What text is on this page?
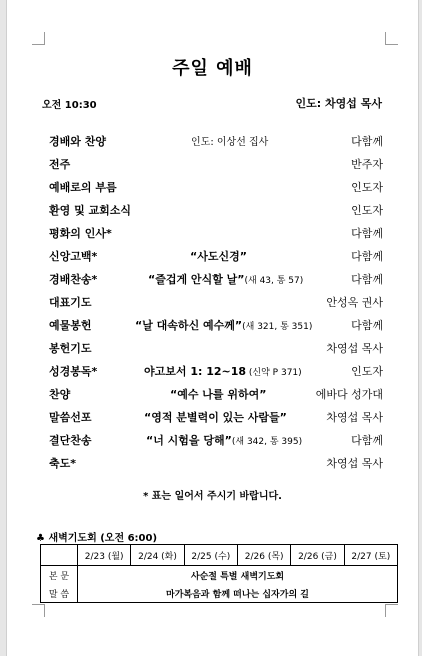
주일 예배
오전 10:30	인도: 차영섭 목사
경배와 찬양	인도: 이상선 집사	다함께
전주	반주자
예배로의 부름	인도자
환영 및 교회소식	인도자
평화의 인사*	다함께
신앙고백*	“사도신경”	다함께
경배찬송*	“즐겁게 안식할 날”(새 43, 통 57)	다함께
대표기도	안성옥 권사
예물봉헌	“날 대속하신 예수께”(새 321, 통 351)	다함께
봉헌기도	차영섭 목사
성경봉독*	야고보서 1: 12~18 (신약 P 371)	인도자
찬양	“예수 나를 위하여”	에바다 성가대
말씀선포	“영적 분별력이 있는 사람들”	차영섭 목사
결단찬송	“너 시험을 당해”(새 342, 통 395)	다함께
축도*	차영섭 목사
* 표는 일어서 주시기 바랍니다.
♣ 새벽기도회 (오전 6:00)
	2/23 (월)	2/24 (화)	2/25 (수)	2/26 (목)	2/26 (금)	2/27 (토)
본 문	사순절 특별 새벽기도회					
말 씀	마가복음과 함께 떠나는 십자가의 길					
